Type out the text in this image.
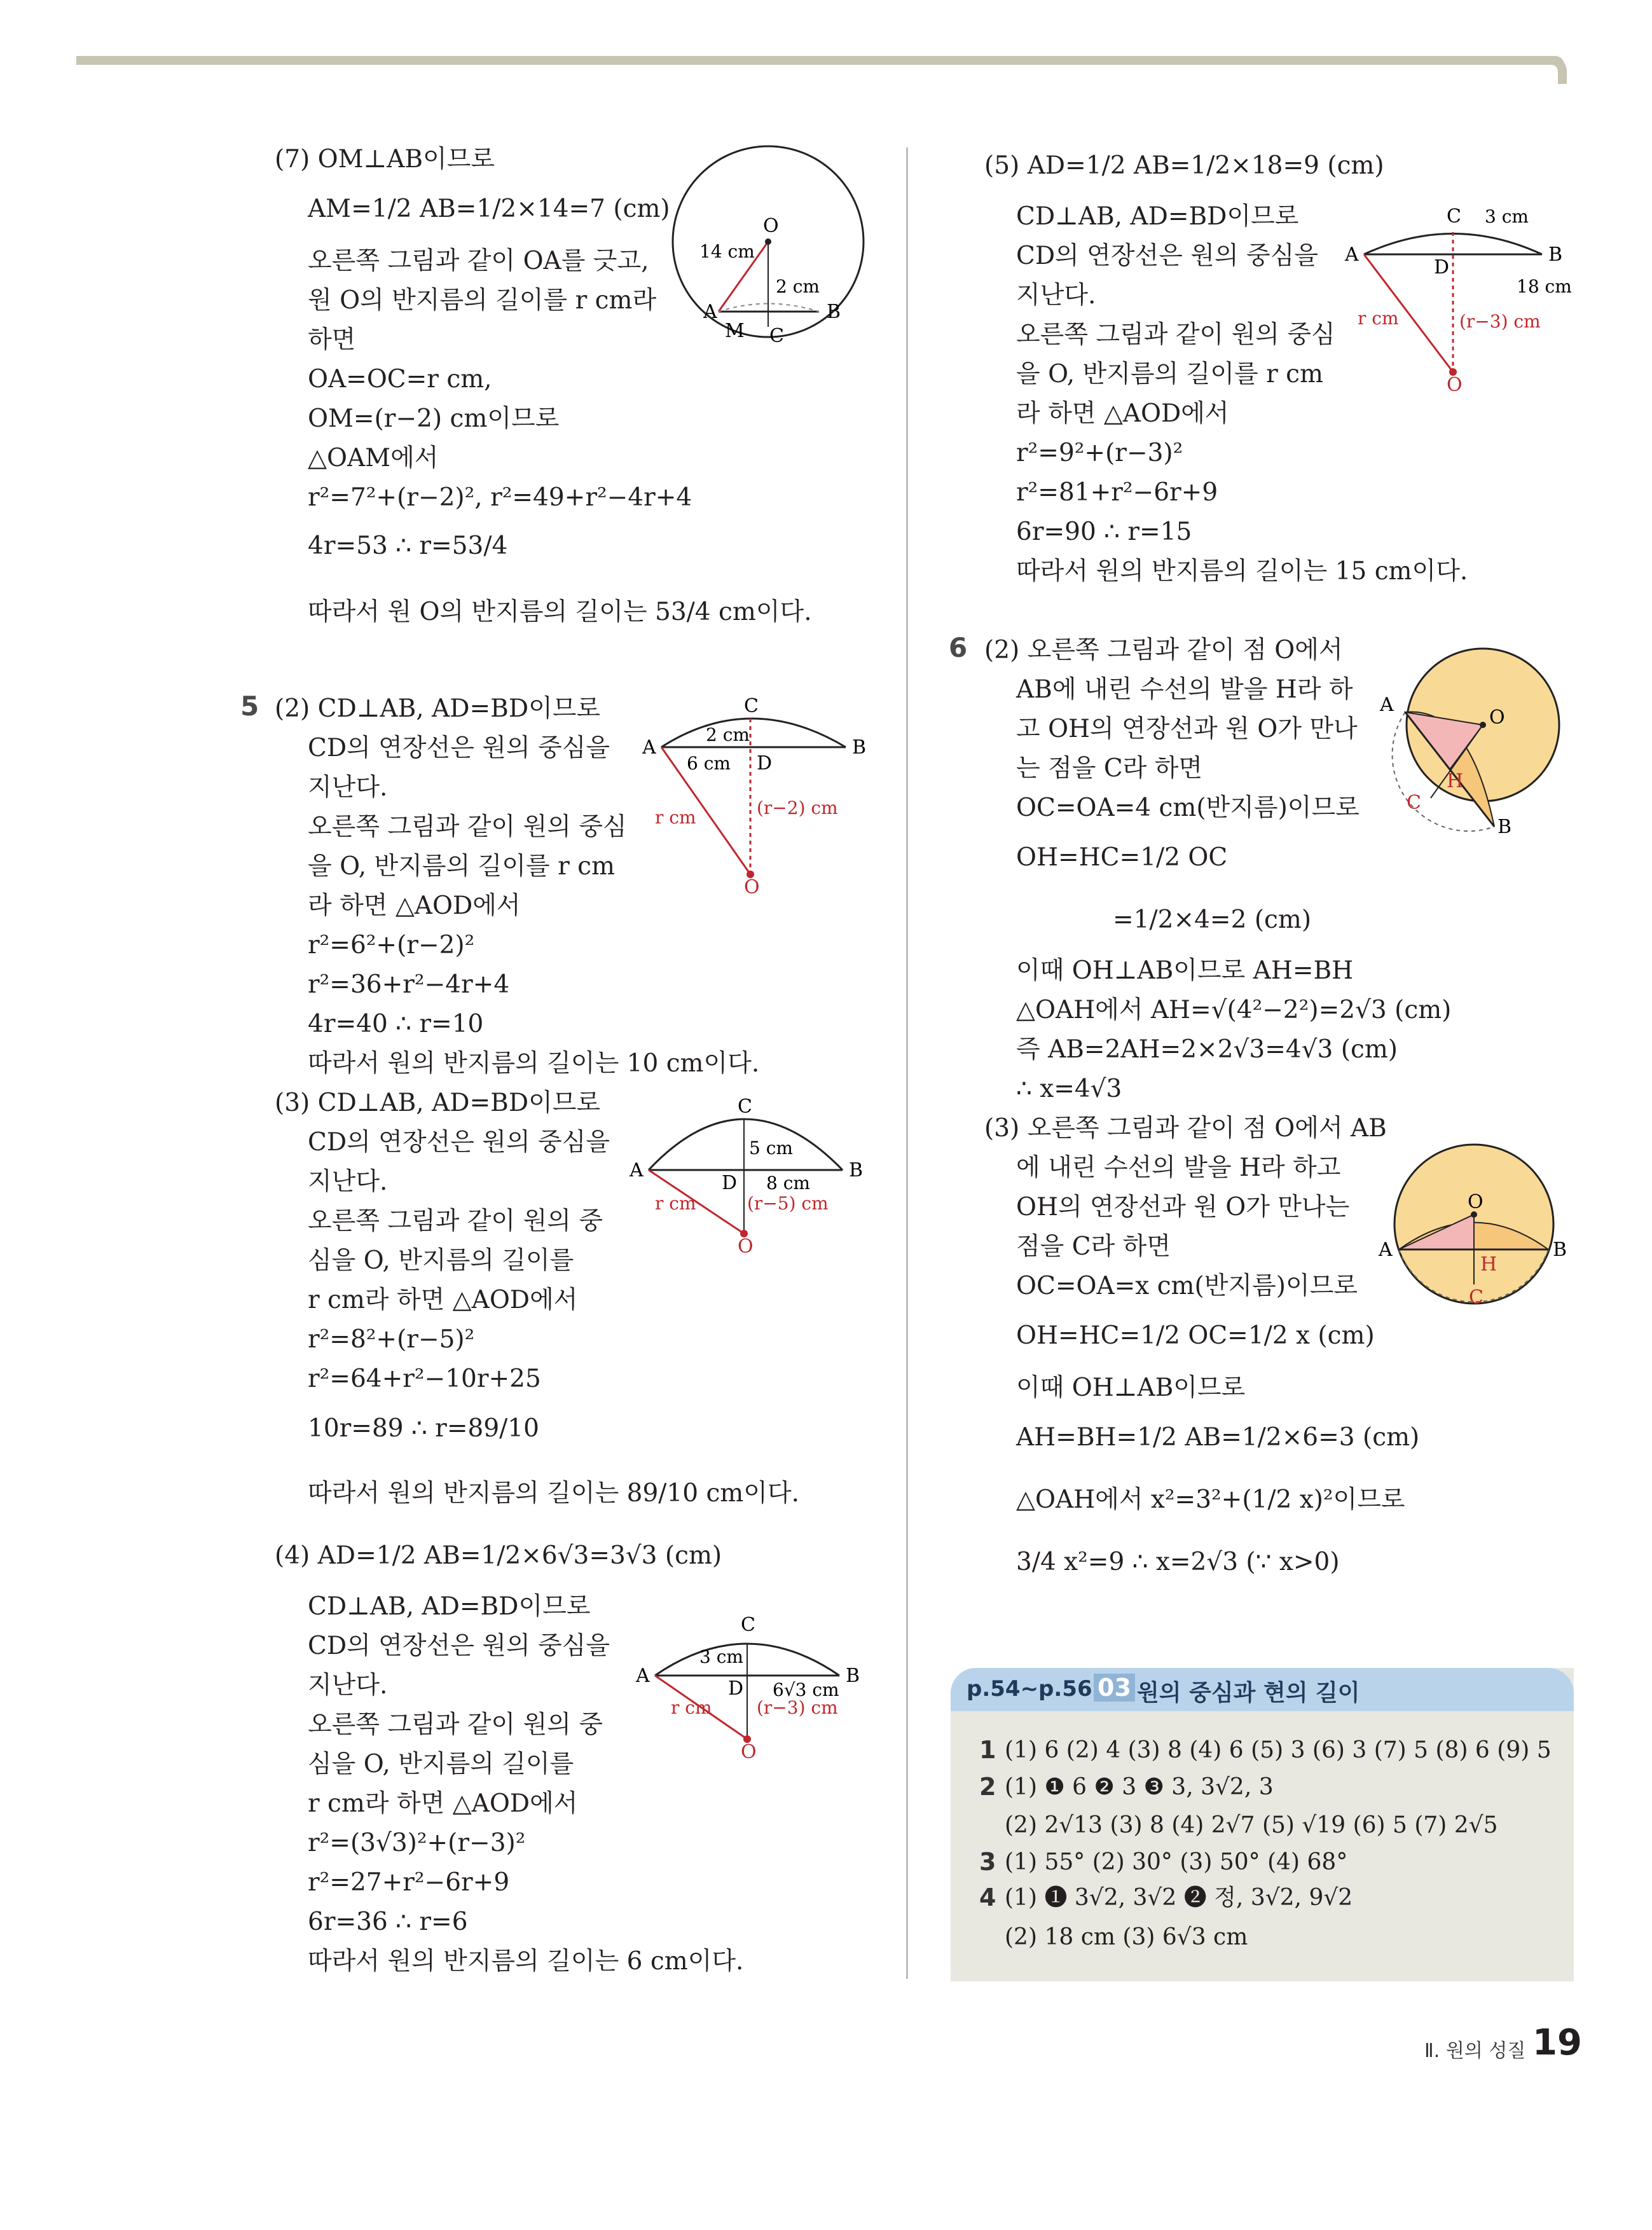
(7) OM⊥AB이므로
AM=1/2 AB=1/2×14=7 (cm)
오른쪽 그림과 같이 OA를 긋고,
원 O의 반지름의 길이를 r cm라
하면
OA=OC=r cm,
OM=(r−2) cm이므로
△OAM에서
r²=7²+(r−2)², r²=49+r²−4r+4
4r=53 ∴ r=53/4
따라서 원 O의 반지름의 길이는 53/4 cm이다.
5 (2) CD⊥AB, AD=BD이므로
CD의 연장선은 원의 중심을
지난다.
오른쪽 그림과 같이 원의 중심
을 O, 반지름의 길이를 r cm
라 하면 △AOD에서
r²=6²+(r−2)²
r²=36+r²−4r+4
4r=40 ∴ r=10
따라서 원의 반지름의 길이는 10 cm이다.
(3) CD⊥AB, AD=BD이므로
CD의 연장선은 원의 중심을
지난다.
오른쪽 그림과 같이 원의 중
심을 O, 반지름의 길이를
r cm라 하면 △AOD에서
r²=8²+(r−5)²
r²=64+r²−10r+25
10r=89 ∴ r=89/10
따라서 원의 반지름의 길이는 89/10 cm이다.
(4) AD=1/2 AB=1/2×6√3=3√3 (cm)
CD⊥AB, AD=BD이므로
CD의 연장선은 원의 중심을
지난다.
오른쪽 그림과 같이 원의 중
심을 O, 반지름의 길이를
r cm라 하면 △AOD에서
r²=(3√3)²+(r−3)²
r²=27+r²−6r+9
6r=36 ∴ r=6
따라서 원의 반지름의 길이는 6 cm이다.
(5) AD=1/2 AB=1/2×18=9 (cm)
CD⊥AB, AD=BD이므로
CD의 연장선은 원의 중심을
지난다.
오른쪽 그림과 같이 원의 중심
을 O, 반지름의 길이를 r cm
라 하면 △AOD에서
r²=9²+(r−3)²
r²=81+r²−6r+9
6r=90 ∴ r=15
따라서 원의 반지름의 길이는 15 cm이다.
6 (2) 오른쪽 그림과 같이 점 O에서
AB에 내린 수선의 발을 H라 하
고 OH의 연장선과 원 O가 만나
는 점을 C라 하면
OC=OA=4 cm(반지름)이므로
OH=HC=1/2 OC
=1/2×4=2 (cm)
이때 OH⊥AB이므로 AH=BH
△OAH에서 AH=√(4²−2²)=2√3 (cm)
즉 AB=2AH=2×2√3=4√3 (cm)
∴ x=4√3
(3) 오른쪽 그림과 같이 점 O에서 AB
에 내린 수선의 발을 H라 하고
OH의 연장선과 원 O가 만나는
점을 C라 하면
OC=OA=x cm(반지름)이므로
OH=HC=1/2 OC=1/2 x (cm)
이때 OH⊥AB이므로
AH=BH=1/2 AB=1/2×6=3 (cm)
△OAH에서 x²=3²+(1/2 x)²이므로
3/4 x²=9 ∴ x=2√3 (∵ x>0)
O
A	B
M C
14 cm
2 cm
C
A	B
D
O
2 cm
6 cm
r cm	(r−2) cm
C
A	B
D
O
5 cm
8 cm
r cm	(r−5) cm
C
A	B
D
O
3 cm
6√3 cm
r cm	(r−3) cm
C
A	B
D
O
3 cm
18 cm
r cm	(r−3) cm
A
O
H
C
B
O
A	B
H
C
p.54~p.56 03 원의 중심과 현의 길이
1 (1) 6 (2) 4 (3) 8 (4) 6 (5) 3 (6) 3 (7) 5 (8) 6 (9) 5
2 (1) ❶ 6 ❷ 3 ❸ 3, 3√2, 3
(2) 2√13 (3) 8 (4) 2√7 (5) √19 (6) 5 (7) 2√5
3 (1) 55° (2) 30° (3) 50° (4) 68°
4 (1) ❶ 3√2, 3√2 ❷ 정, 3√2, 9√2
(2) 18 cm (3) 6√3 cm
Ⅱ. 원의 성질 19
